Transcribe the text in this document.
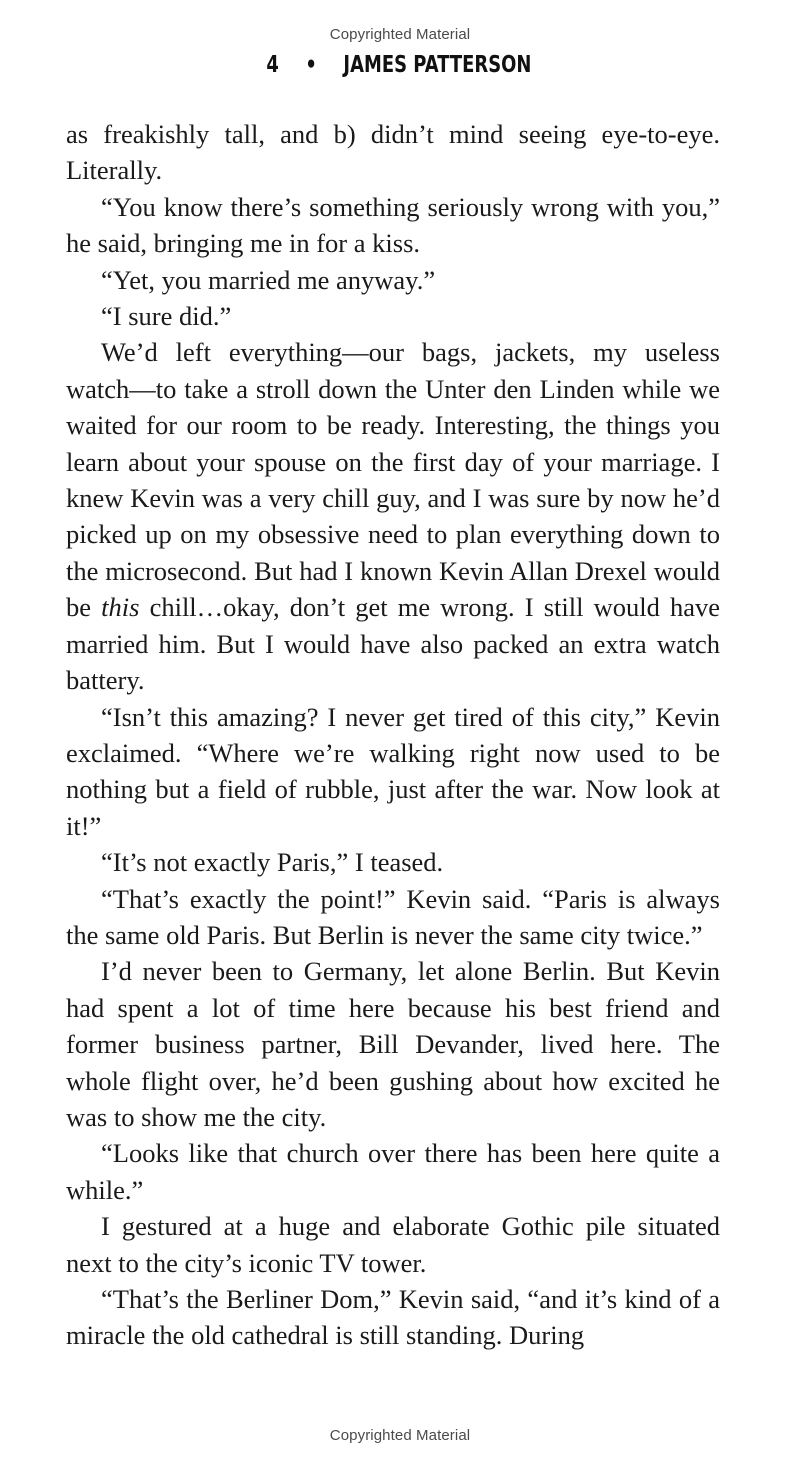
Copyrighted Material
4 • JAMES PATTERSON

as freakishly tall, and b) didn’t mind seeing eye-to-eye. Literally.

“You know there’s something seriously wrong with you,” he said, bringing me in for a kiss.

“Yet, you married me anyway.”

“I sure did.”

We’d left everything—our bags, jackets, my useless watch—to take a stroll down the Unter den Linden while we waited for our room to be ready. Interesting, the things you learn about your spouse on the first day of your marriage. I knew Kevin was a very chill guy, and I was sure by now he’d picked up on my obsessive need to plan everything down to the microsecond. But had I known Kevin Allan Drexel would be this chill…okay, don’t get me wrong. I still would have married him. But I would have also packed an extra watch battery.

“Isn’t this amazing? I never get tired of this city,” Kevin exclaimed. “Where we’re walking right now used to be nothing but a field of rubble, just after the war. Now look at it!”

“It’s not exactly Paris,” I teased.

“That’s exactly the point!” Kevin said. “Paris is always the same old Paris. But Berlin is never the same city twice.”

I’d never been to Germany, let alone Berlin. But Kevin had spent a lot of time here because his best friend and former business partner, Bill Devander, lived here. The whole flight over, he’d been gushing about how excited he was to show me the city.

“Looks like that church over there has been here quite a while.”

I gestured at a huge and elaborate Gothic pile situated next to the city’s iconic TV tower.

“That’s the Berliner Dom,” Kevin said, “and it’s kind of a miracle the old cathedral is still standing. During

Copyrighted Material
